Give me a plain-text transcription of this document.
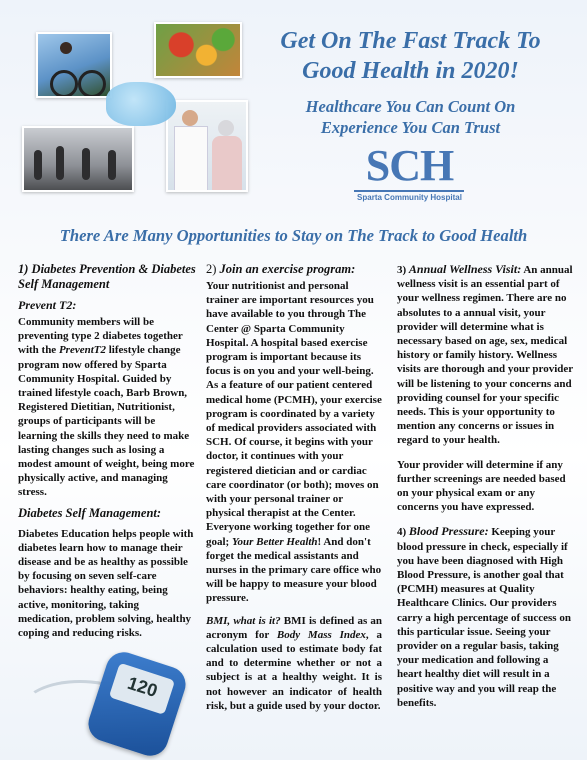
Get On The Fast Track To
Good Health in 2020!
Healthcare You Can Count On
Experience You Can Trust
SCH
Sparta Community Hospital
There Are Many Opportunities to Stay on The Track to Good Health
1) Diabetes Prevention & Diabetes Self Management
Prevent T2:

Community members will be preventing type 2 diabetes together with the PreventT2 lifestyle change program now offered by Sparta Community Hospital. Guided by trained lifestyle coach, Barb Brown, Registered Dietitian, Nutritionist, groups of participants will be learning the skills they need to make lasting changes such as losing a modest amount of weight, being more physically active, and managing stress.

Diabetes Self Management:

Diabetes Education helps people with diabetes learn how to manage their disease and be as healthy as possible by focusing on seven self-care behaviors: healthy eating, being active, monitoring, taking medication, problem solving, healthy coping and reducing risks.

2) Join an exercise program:

Your nutritionist and personal trainer are important resources you have available to you through The Center @ Sparta Community Hospital. A hospital based exercise program is important because its focus is on you and your well-being. As a feature of our patient centered medical home (PCMH), your exercise program is coordinated by a variety of medical providers associated with SCH. Of course, it begins with your doctor, it continues with your registered dietician and or cardiac care coordinator (or both); moves on with your personal trainer or physical therapist at the Center. Everyone working together for one goal; Your Better Health! And don't forget the medical assistants and nurses in the primary care office who will be happy to measure your blood pressure.

BMI, what is it? BMI is defined as an acronym for Body Mass Index, a calculation used to estimate body fat and to determine whether or not a subject is at a healthy weight. It is not however an indicator of health risk, but a guide used by your doctor.

3) Annual Wellness Visit: An annual wellness visit is an essential part of your wellness regimen. There are no absolutes to a annual visit, your provider will determine what is necessary based on age, sex, medical history or family history. Wellness visits are thorough and your provider will be listening to your concerns and providing counsel for your specific needs. This is your opportunity to mention any concerns or issues in regard to your health.

Your provider will determine if any further screenings are needed based on your physical exam or any concerns you have expressed.

4) Blood Pressure: Keeping your blood pressure in check, especially if you have been diagnosed with High Blood Pressure, is another goal that (PCMH) measures at Quality Healthcare Clinics. Our providers carry a high percentage of success on this particular issue. Seeing your provider on a regular basis, taking your medication and following a heart healthy diet will result in a positive way and you will reap the benefits.

120
